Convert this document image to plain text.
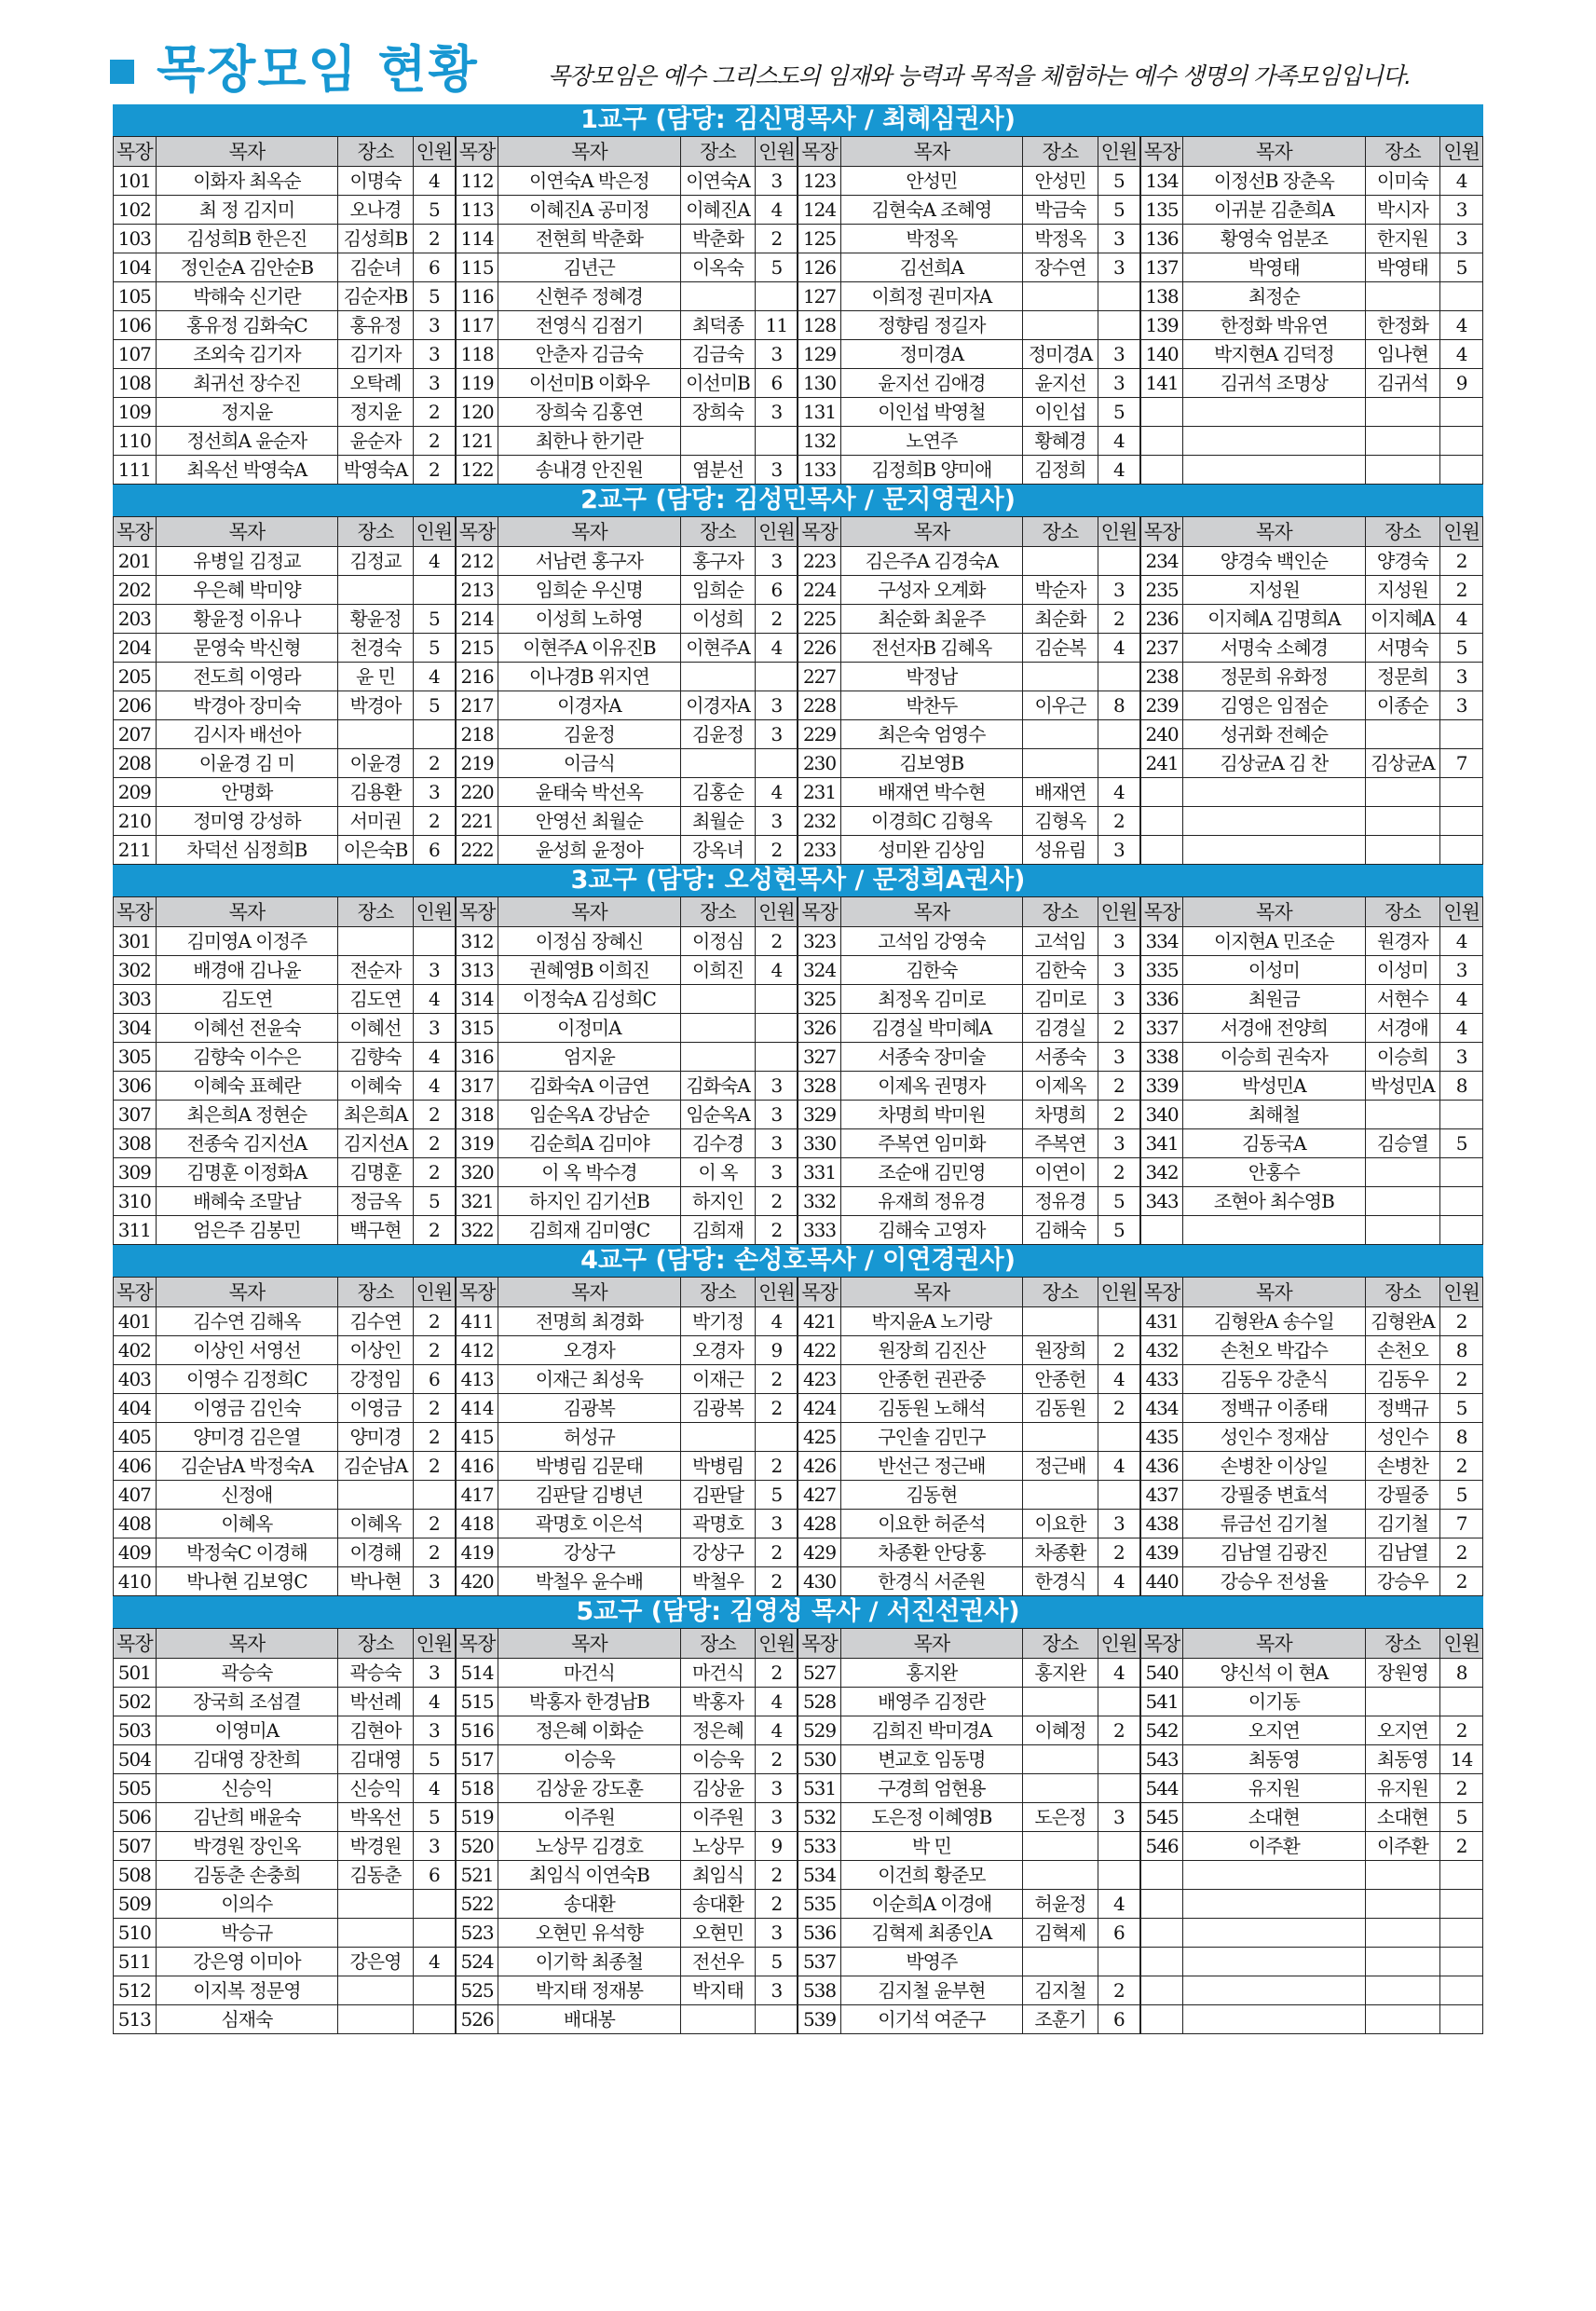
목장모임 현황	목장모임은 예수 그리스도의 임재와 능력과 목적을 체험하는 예수 생명의 가족모임입니다.
1교구 (담당: 김신명목사 / 최혜심권사)
목장	목자	장소	인원	목장	목자	장소	인원	목장	목자	장소	인원	목장	목자	장소	인원
101	이화자 최옥순	이명숙	4	112	이연숙A 박은정	이연숙A	3	123	안성민	안성민	5	134	이정선B 장춘옥	이미숙	4
102	최 정 김지미	오나경	5	113	이혜진A 공미정	이혜진A	4	124	김현숙A 조혜영	박금숙	5	135	이귀분 김춘희A	박시자	3
103	김성희B 한은진	김성희B	2	114	전현희 박춘화	박춘화	2	125	박정옥	박정옥	3	136	황영숙 엄분조	한지원	3
104	정인순A 김안순B	김순녀	6	115	김년근	이옥숙	5	126	김선희A	장수연	3	137	박영태	박영태	5
105	박해숙 신기란	김순자B	5	116	신현주 정혜경			127	이희정 권미자A			138	최정순		
106	홍유정 김화숙C	홍유정	3	117	전영식 김점기	최덕종	11	128	정향림 정길자			139	한정화 박유연	한정화	4
107	조외숙 김기자	김기자	3	118	안춘자 김금숙	김금숙	3	129	정미경A	정미경A	3	140	박지현A 김덕정	임나현	4
108	최귀선 장수진	오탁례	3	119	이선미B 이화우	이선미B	6	130	윤지선 김애경	윤지선	3	141	김귀석 조명상	김귀석	9
109	정지윤	정지윤	2	120	장희숙 김홍연	장희숙	3	131	이인섭 박영철	이인섭	5				
110	정선희A 윤순자	윤순자	2	121	최한나 한기란			132	노연주	황혜경	4				
111	최옥선 박영숙A	박영숙A	2	122	송내경 안진원	염분선	3	133	김정희B 양미애	김정희	4				
2교구 (담당: 김성민목사 / 문지영권사)
목장	목자	장소	인원	목장	목자	장소	인원	목장	목자	장소	인원	목장	목자	장소	인원
201	유병일 김정교	김정교	4	212	서남련 홍구자	홍구자	3	223	김은주A 김경숙A			234	양경숙 백인순	양경숙	2
202	우은혜 박미양			213	임희순 우신명	임희순	6	224	구성자 오계화	박순자	3	235	지성원	지성원	2
203	황윤정 이유나	황윤정	5	214	이성희 노하영	이성희	2	225	최순화 최윤주	최순화	2	236	이지혜A 김명희A	이지혜A	4
204	문영숙 박신형	천경숙	5	215	이현주A 이유진B	이현주A	4	226	전선자B 김혜옥	김순복	4	237	서명숙 소혜경	서명숙	5
205	전도희 이영라	윤 민	4	216	이나경B 위지연			227	박정남			238	정문희 유화정	정문희	3
206	박경아 장미숙	박경아	5	217	이경자A	이경자A	3	228	박찬두	이우근	8	239	김영은 임점순	이종순	3
207	김시자 배선아			218	김윤정	김윤정	3	229	최은숙 엄영수			240	성귀화 전혜순		
208	이윤경 김 미	이윤경	2	219	이금식			230	김보영B			241	김상균A 김 찬	김상균A	7
209	안명화	김용환	3	220	윤태숙 박선옥	김홍순	4	231	배재연 박수현	배재연	4				
210	정미영 강성하	서미권	2	221	안영선 최월순	최월순	3	232	이경희C 김형옥	김형옥	2				
211	차덕선 심정희B	이은숙B	6	222	윤성희 윤정아	강옥녀	2	233	성미완 김상임	성유림	3				
3교구 (담당: 오성현목사 / 문정희A권사)
목장	목자	장소	인원	목장	목자	장소	인원	목장	목자	장소	인원	목장	목자	장소	인원
301	김미영A 이정주			312	이정심 장혜신	이정심	2	323	고석임 강영숙	고석임	3	334	이지현A 민조순	원경자	4
302	배경애 김나윤	전순자	3	313	권혜영B 이희진	이희진	4	324	김한숙	김한숙	3	335	이성미	이성미	3
303	김도연	김도연	4	314	이정숙A 김성희C			325	최정옥 김미로	김미로	3	336	최원금	서현수	4
304	이혜선 전윤숙	이혜선	3	315	이정미A			326	김경실 박미혜A	김경실	2	337	서경애 전양희	서경애	4
305	김향숙 이수은	김향숙	4	316	엄지윤			327	서종숙 장미술	서종숙	3	338	이승희 권숙자	이승희	3
306	이혜숙 표혜란	이혜숙	4	317	김화숙A 이금연	김화숙A	3	328	이제옥 권명자	이제옥	2	339	박성민A	박성민A	8
307	최은희A 정현순	최은희A	2	318	임순옥A 강남순	임순옥A	3	329	차명희 박미원	차명희	2	340	최해철		
308	전종숙 김지선A	김지선A	2	319	김순희A 김미야	김수경	3	330	주복연 임미화	주복연	3	341	김동국A	김승열	5
309	김명훈 이정화A	김명훈	2	320	이 옥 박수경	이 옥	3	331	조순애 김민영	이연이	2	342	안홍수		
310	배혜숙 조말남	정금옥	5	321	하지인 김기선B	하지인	2	332	유재희 정유경	정유경	5	343	조현아 최수영B		
311	엄은주 김봉민	백구현	2	322	김희재 김미영C	김희재	2	333	김해숙 고영자	김해숙	5				
4교구 (담당: 손성호목사 / 이연경권사)
목장	목자	장소	인원	목장	목자	장소	인원	목장	목자	장소	인원	목장	목자	장소	인원
401	김수연 김해옥	김수연	2	411	전명희 최경화	박기정	4	421	박지윤A 노기랑			431	김형완A 송수일	김형완A	2
402	이상인 서영선	이상인	2	412	오경자	오경자	9	422	원장희 김진산	원장희	2	432	손천오 박갑수	손천오	8
403	이영수 김정희C	강정임	6	413	이재근 최성욱	이재근	2	423	안종헌 권관중	안종헌	4	433	김동우 강춘식	김동우	2
404	이영금 김인숙	이영금	2	414	김광복	김광복	2	424	김동원 노해석	김동원	2	434	정백규 이종태	정백규	5
405	양미경 김은열	양미경	2	415	허성규			425	구인솔 김민구			435	성인수 정재삼	성인수	8
406	김순남A 박정숙A	김순남A	2	416	박병림 김문태	박병림	2	426	반선근 정근배	정근배	4	436	손병찬 이상일	손병찬	2
407	신정애			417	김판달 김병년	김판달	5	427	김동현			437	강필중 변효석	강필중	5
408	이혜옥	이혜옥	2	418	곽명호 이은석	곽명호	3	428	이요한 허준석	이요한	3	438	류금선 김기철	김기철	7
409	박정숙C 이경해	이경해	2	419	강상구	강상구	2	429	차종환 안당홍	차종환	2	439	김남열 김광진	김남열	2
410	박나현 김보영C	박나현	3	420	박철우 윤수배	박철우	2	430	한경식 서준원	한경식	4	440	강승우 전성율	강승우	2
5교구 (담당: 김영성 목사 / 서진선권사)
목장	목자	장소	인원	목장	목자	장소	인원	목장	목자	장소	인원	목장	목자	장소	인원
501	곽승숙	곽승숙	3	514	마건식	마건식	2	527	홍지완	홍지완	4	540	양신석 이 현A	장원영	8
502	장국희 조섬결	박선례	4	515	박홍자 한경남B	박홍자	4	528	배영주 김정란			541	이기동		
503	이영미A	김현아	3	516	정은혜 이화순	정은혜	4	529	김희진 박미경A	이혜정	2	542	오지연	오지연	2
504	김대영 장찬희	김대영	5	517	이승욱	이승욱	2	530	변교호 임동명			543	최동영	최동영	14
505	신승익	신승익	4	518	김상윤 강도훈	김상윤	3	531	구경희 엄현용			544	유지원	유지원	2
506	김난희 배윤숙	박옥선	5	519	이주원	이주원	3	532	도은정 이혜영B	도은정	3	545	소대현	소대현	5
507	박경원 장인옥	박경원	3	520	노상무 김경호	노상무	9	533	박 민			546	이주환	이주환	2
508	김동춘 손충희	김동춘	6	521	최임식 이연숙B	최임식	2	534	이건희 황준모						
509	이의수			522	송대환	송대환	2	535	이순희A 이경애	허윤정	4				
510	박승규			523	오현민 유석향	오현민	3	536	김혁제 최종인A	김혁제	6				
511	강은영 이미아	강은영	4	524	이기학 최종철	전선우	5	537	박영주						
512	이지복 정문영			525	박지태 정재봉	박지태	3	538	김지철 윤부현	김지철	2				
513	심재숙			526	배대봉			539	이기석 여준구	조훈기	6				
